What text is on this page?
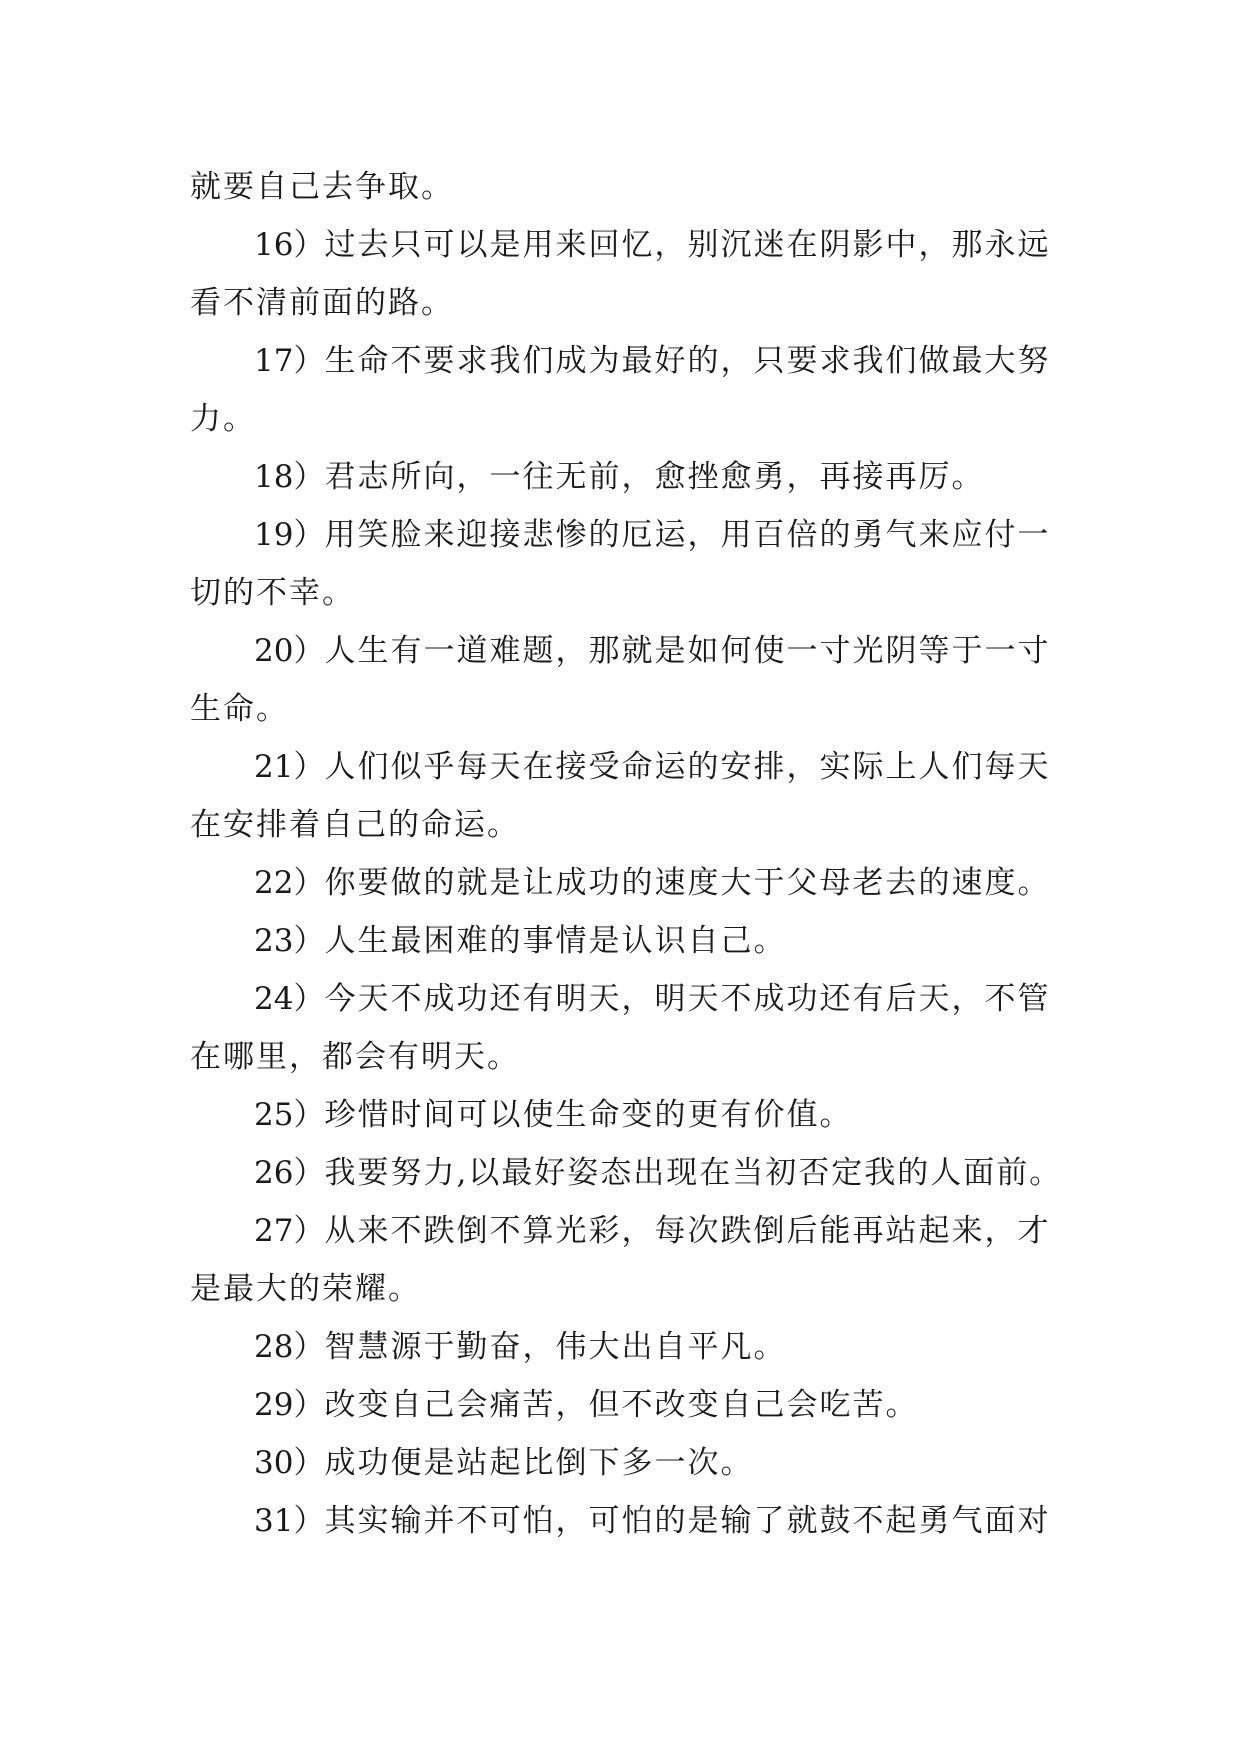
就要自己去争取。

16）过去只可以是用来回忆，别沉迷在阴影中，那永远看不清前面的路。

17）生命不要求我们成为最好的，只要求我们做最大努力。

18）君志所向，一往无前，愈挫愈勇，再接再厉。

19）用笑脸来迎接悲惨的厄运，用百倍的勇气来应付一切的不幸。

20）人生有一道难题，那就是如何使一寸光阴等于一寸生命。

21）人们似乎每天在接受命运的安排，实际上人们每天在安排着自己的命运。

22）你要做的就是让成功的速度大于父母老去的速度。

23）人生最困难的事情是认识自己。

24）今天不成功还有明天，明天不成功还有后天，不管在哪里，都会有明天。

25）珍惜时间可以使生命变的更有价值。

26）我要努力,以最好姿态出现在当初否定我的人面前。

27）从来不跌倒不算光彩，每次跌倒后能再站起来，才是最大的荣耀。

28）智慧源于勤奋，伟大出自平凡。

29）改变自己会痛苦，但不改变自己会吃苦。

30）成功便是站起比倒下多一次。

31）其实输并不可怕，可怕的是输了就鼓不起勇气面对
